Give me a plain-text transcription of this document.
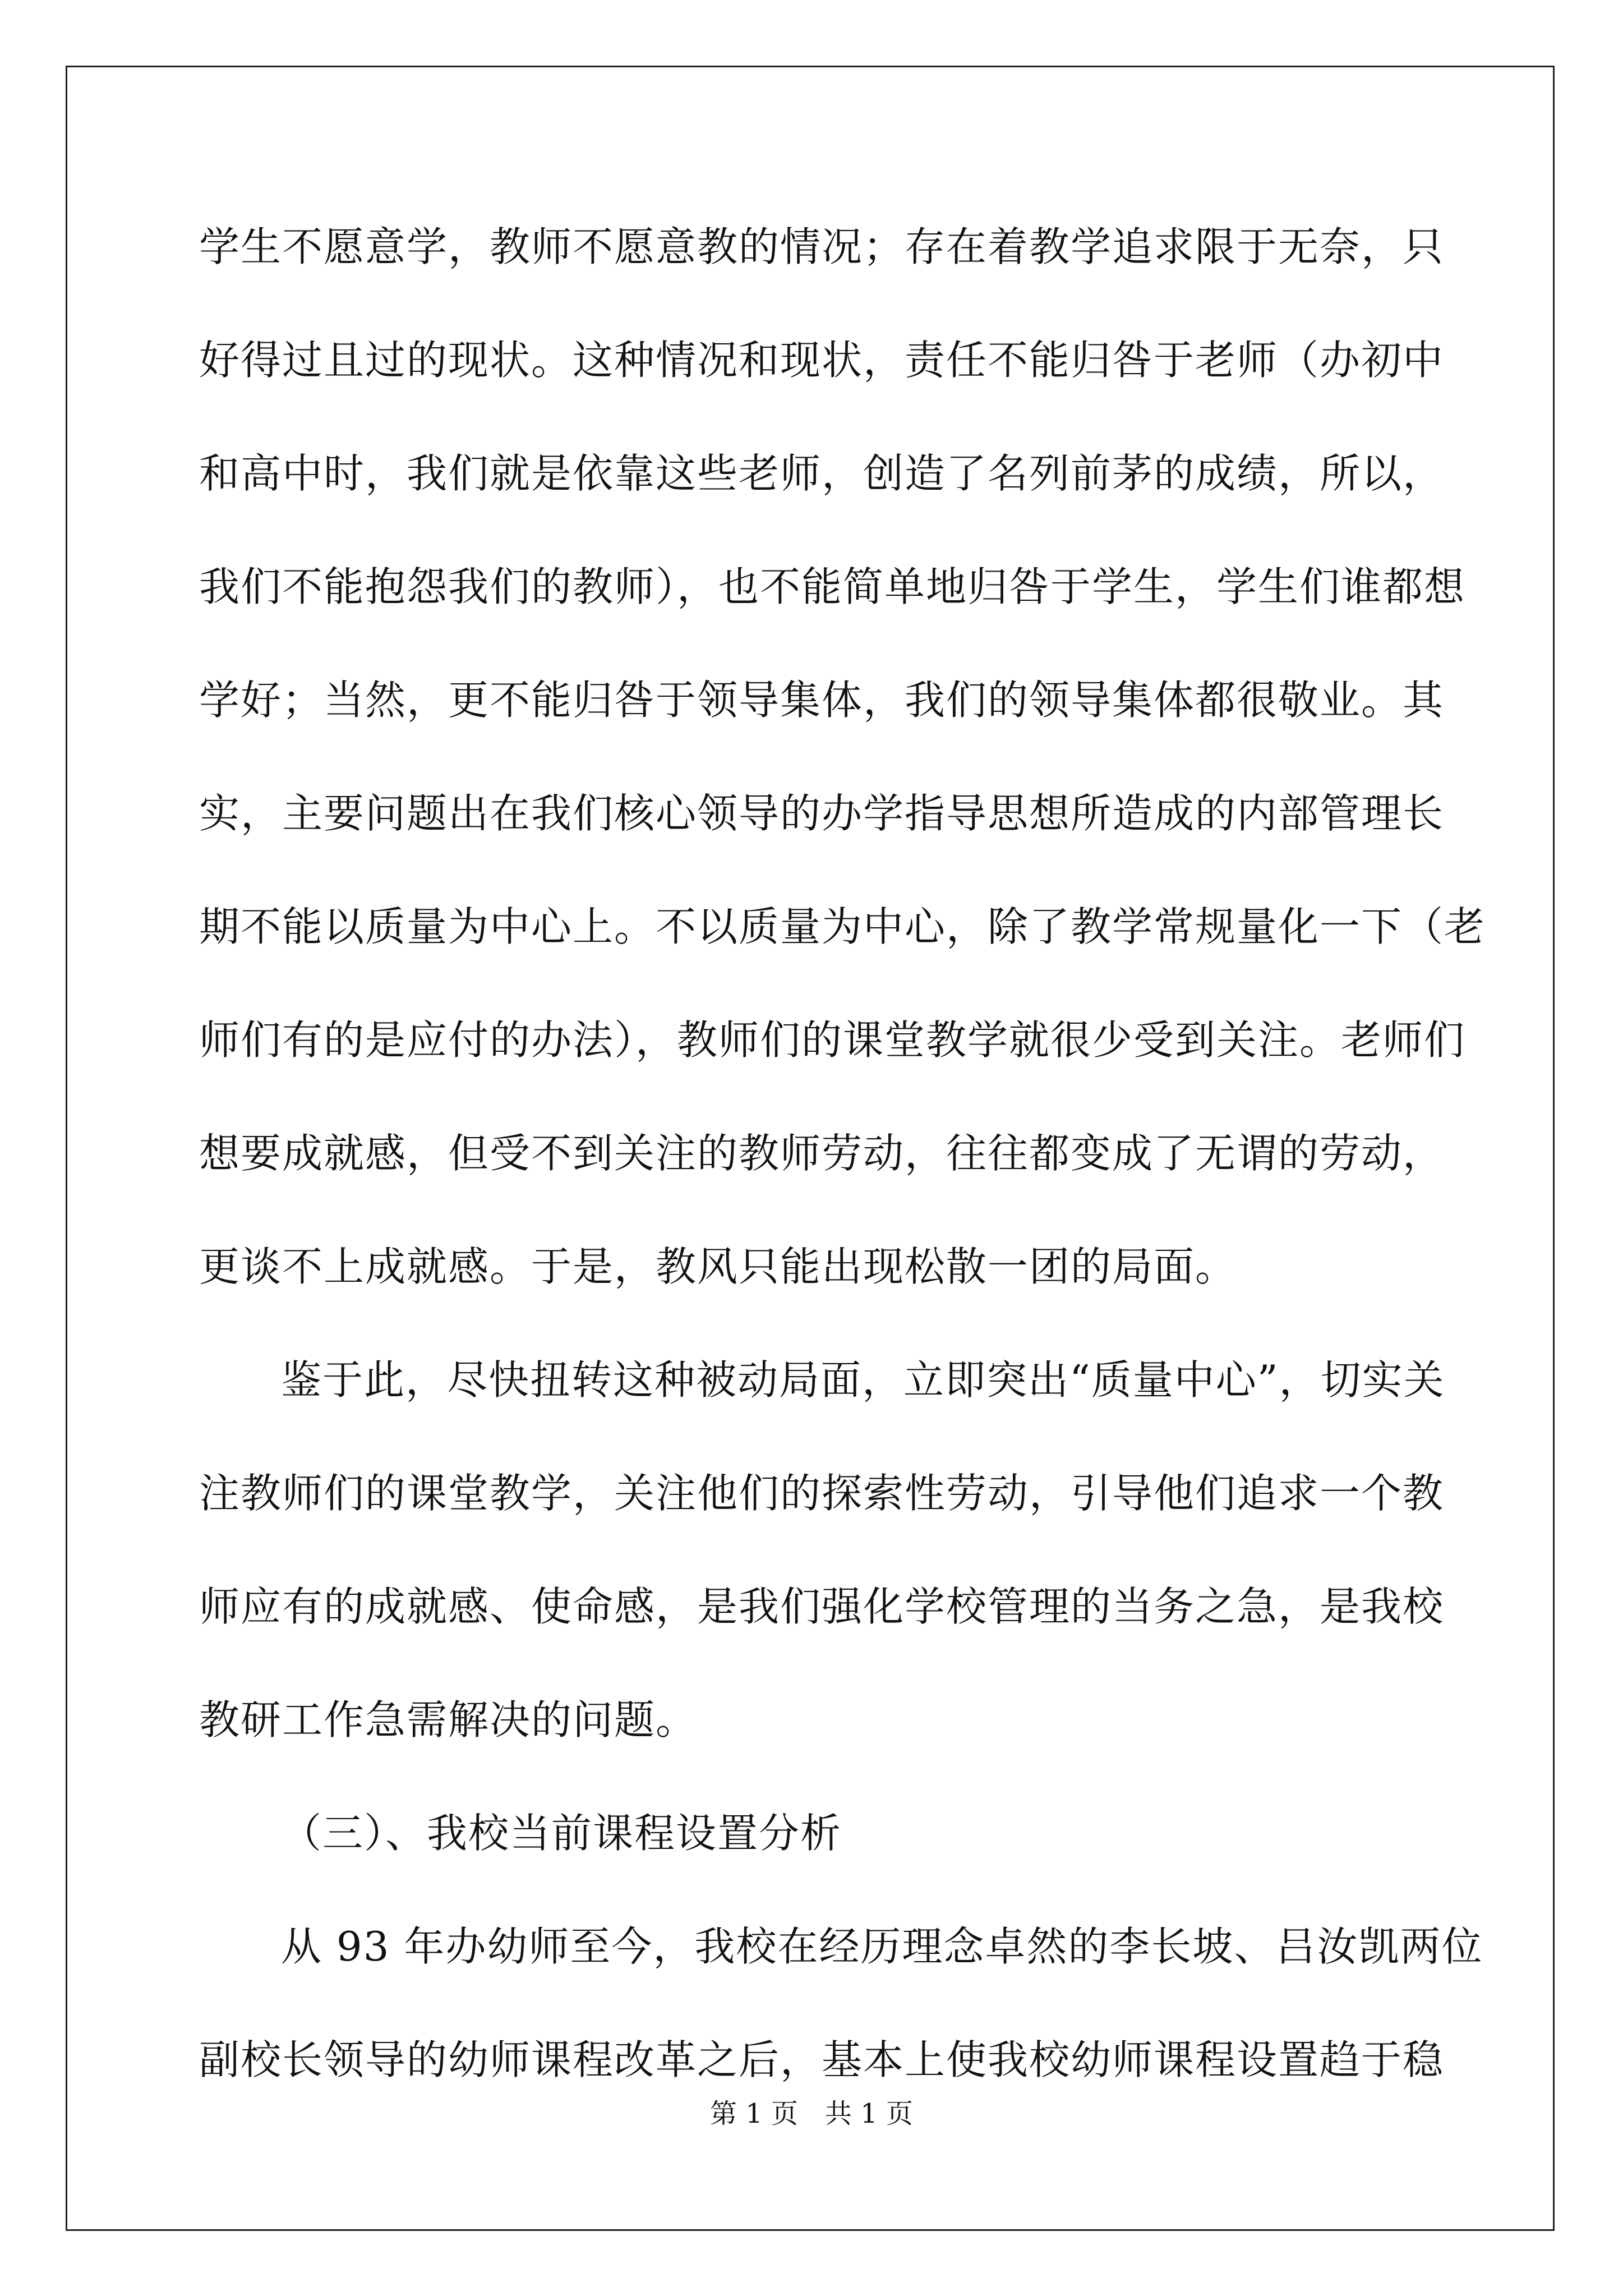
学生不愿意学，教师不愿意教的情况；存在着教学追求限于无奈，只
好得过且过的现状。这种情况和现状，责任不能归咎于老师（办初中
和高中时，我们就是依靠这些老师，创造了名列前茅的成绩，所以，
我们不能抱怨我们的教师），也不能简单地归咎于学生，学生们谁都想
学好；当然，更不能归咎于领导集体，我们的领导集体都很敬业。其
实，主要问题出在我们核心领导的办学指导思想所造成的内部管理长
期不能以质量为中心上。不以质量为中心，除了教学常规量化一下（老
师们有的是应付的办法），教师们的课堂教学就很少受到关注。老师们
想要成就感，但受不到关注的教师劳动，往往都变成了无谓的劳动，
更谈不上成就感。于是，教风只能出现松散一团的局面。
鉴于此，尽快扭转这种被动局面，立即突出“质量中心”，切实关
注教师们的课堂教学，关注他们的探索性劳动，引导他们追求一个教
师应有的成就感、使命感，是我们强化学校管理的当务之急，是我校
教研工作急需解决的问题。
（三）、我校当前课程设置分析
从 93 年办幼师至今，我校在经历理念卓然的李长坡、吕汝凯两位
副校长领导的幼师课程改革之后，基本上使我校幼师课程设置趋于稳
第 1 页　共 1 页
